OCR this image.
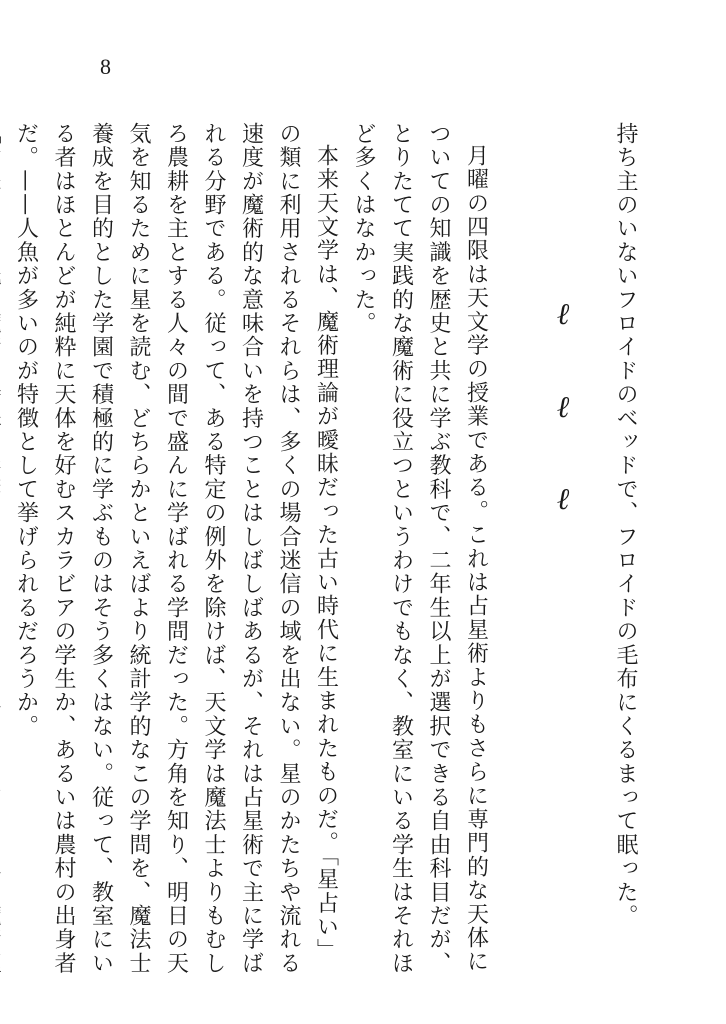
8
ℓ
ℓ
ℓ	持ち主のいないフロイドのベッドで、フロイドの毛布にくるまって眠った。

月曜の四限は天文学の授業である。これは占星術よりもさらに専門的な天体についての知識を歴史と共に学ぶ教科で、二年生以上が選択できる自由科目だが、とりたてて実践的な魔術に役立つというわけでもなく、教室にいる学生はそれほど多くはなかった。

本来天文学は、魔術理論が曖昧だった古い時代に生まれたものだ。「星占い」の類に利用されるそれらは、多くの場合迷信の域を出ない。星のかたちや流れる速度が魔術的な意味合いを持つことはしばしばあるが、それは占星術で主に学ばれる分野である。従って、ある特定の例外を除けば、天文学は魔法士よりもむしろ農耕を主とする人々の間で盛んに学ばれる学問だった。方角を知り、明日の天気を知るために星を読む、どちらかといえばより統計学的なこの学問を、魔法士養成を目的とした学園で積極的に学ぶものはそう多くはない。従って、教室にいる者はほとんどが純粋に天体を好むスカラビアの学生か、あるいは農村の出身者だ。——人魚が多いのが特徴として挙げられるだろうか。
